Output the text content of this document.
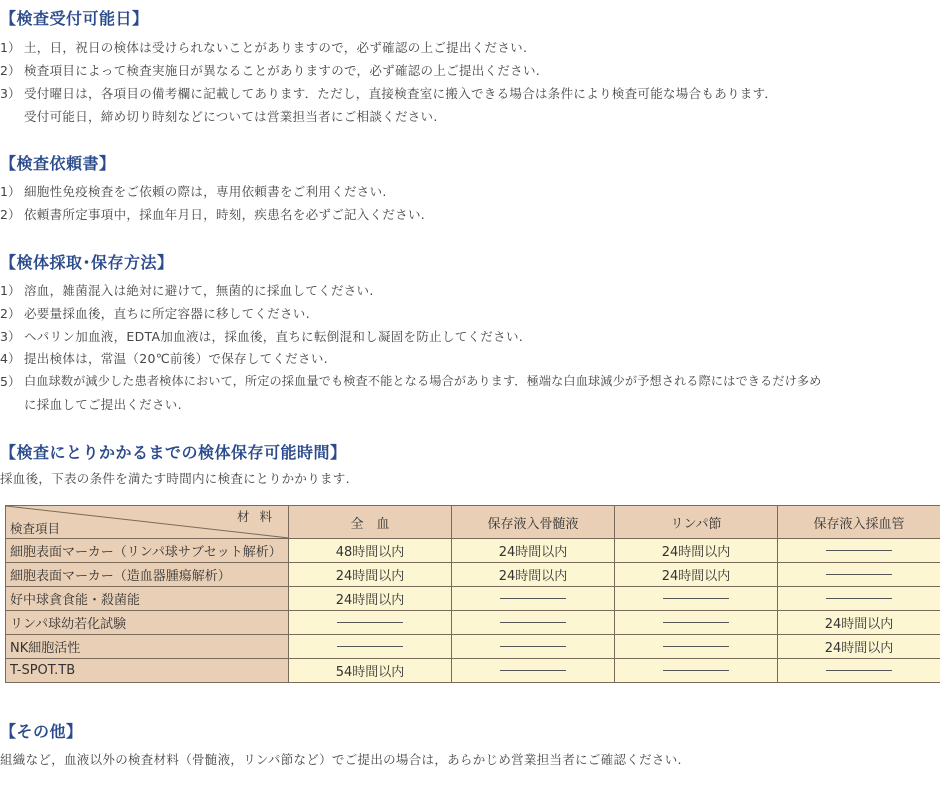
【検査受付可能日】
1） 土，日，祝日の検体は受けられないことがありますので，必ず確認の上ご提出ください.
2） 検査項目によって検査実施日が異なることがありますので，必ず確認の上ご提出ください.
3） 受付曜日は，各項目の備考欄に記載してあります．ただし，直接検査室に搬入できる場合は条件により検査可能な場合もあります．
受付可能日，締め切り時刻などについては営業担当者にご相談ください.
【検査依頼書】
1） 細胞性免疫検査をご依頼の際は，専用依頼書をご利用ください.
2） 依頼書所定事項中，採血年月日，時刻，疾患名を必ずご記入ください.
【検体採取･保存方法】
1） 溶血，雑菌混入は絶対に避けて，無菌的に採血してください.
2） 必要量採血後，直ちに所定容器に移してください.
3） ヘパリン加血液，EDTA加血液は，採血後，直ちに転倒混和し凝固を防止してください.
4） 提出検体は，常温（20℃前後）で保存してください.
5） 白血球数が減少した患者検体において，所定の採血量でも検査不能となる場合があります．極端な白血球減少が予想される際にはできるだけ多め
に採血してご提出ください.
【検査にとりかかるまでの検体保存可能時間】
採血後，下表の条件を満たす時間内に検査にとりかかります.
材料
検査項目	全　血	保存液入骨髄液	リンパ節	保存液入採血管
細胞表面マーカー（リンパ球サブセット解析）	48時間以内	24時間以内	24時間以内	
細胞表面マーカー（造血器腫瘍解析）	24時間以内	24時間以内	24時間以内	
好中球貪食能・殺菌能	24時間以内			
リンパ球幼若化試験				24時間以内
NK細胞活性				24時間以内
T-SPOT.TB	54時間以内			
【その他】
組織など，血液以外の検査材料（骨髄液，リンパ節など）でご提出の場合は，あらかじめ営業担当者にご確認ください.
